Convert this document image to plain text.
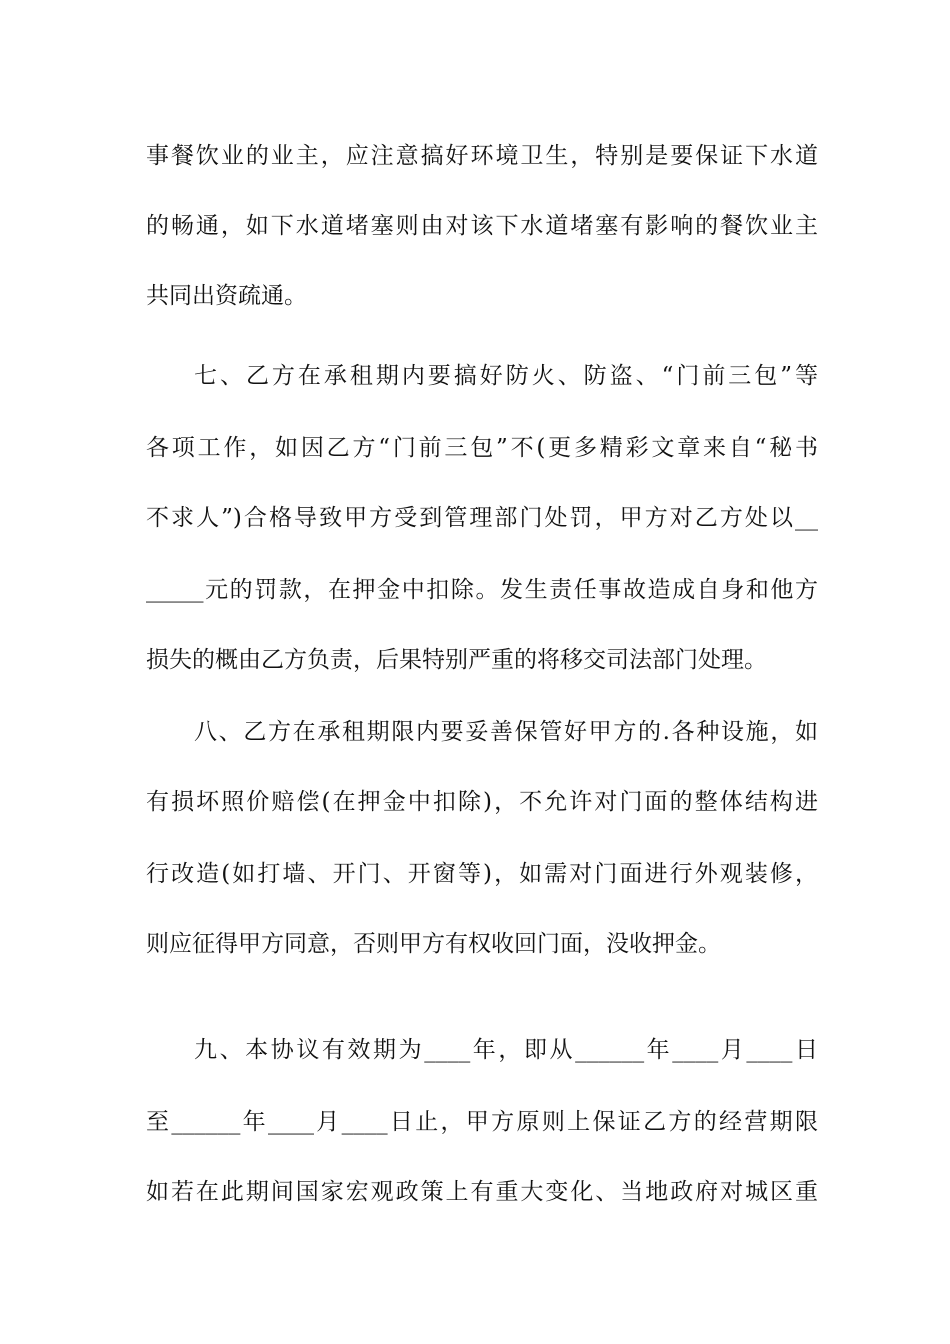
事餐饮业的业主，应注意搞好环境卫生，特别是要保证下水道
的畅通，如下水道堵塞则由对该下水道堵塞有影响的餐饮业主
共同出资疏通。
七、乙方在承租期内要搞好防火、防盗、“门前三包”等
各项工作，如因乙方“门前三包”不(更多精彩文章来自“秘书
不求人”)合格导致甲方受到管理部门处罚，甲方对乙方处以__
_____元的罚款，在押金中扣除。发生责任事故造成自身和他方
损失的概由乙方负责，后果特别严重的将移交司法部门处理。
八、乙方在承租期限内要妥善保管好甲方的.各种设施，如
有损坏照价赔偿(在押金中扣除)，不允许对门面的整体结构进
行改造(如打墙、开门、开窗等)，如需对门面进行外观装修，
则应征得甲方同意，否则甲方有权收回门面，没收押金。
九、本协议有效期为____年，即从______年____月____日
至______年____月____日止，甲方原则上保证乙方的经营期限
如若在此期间国家宏观政策上有重大变化、当地政府对城区重
